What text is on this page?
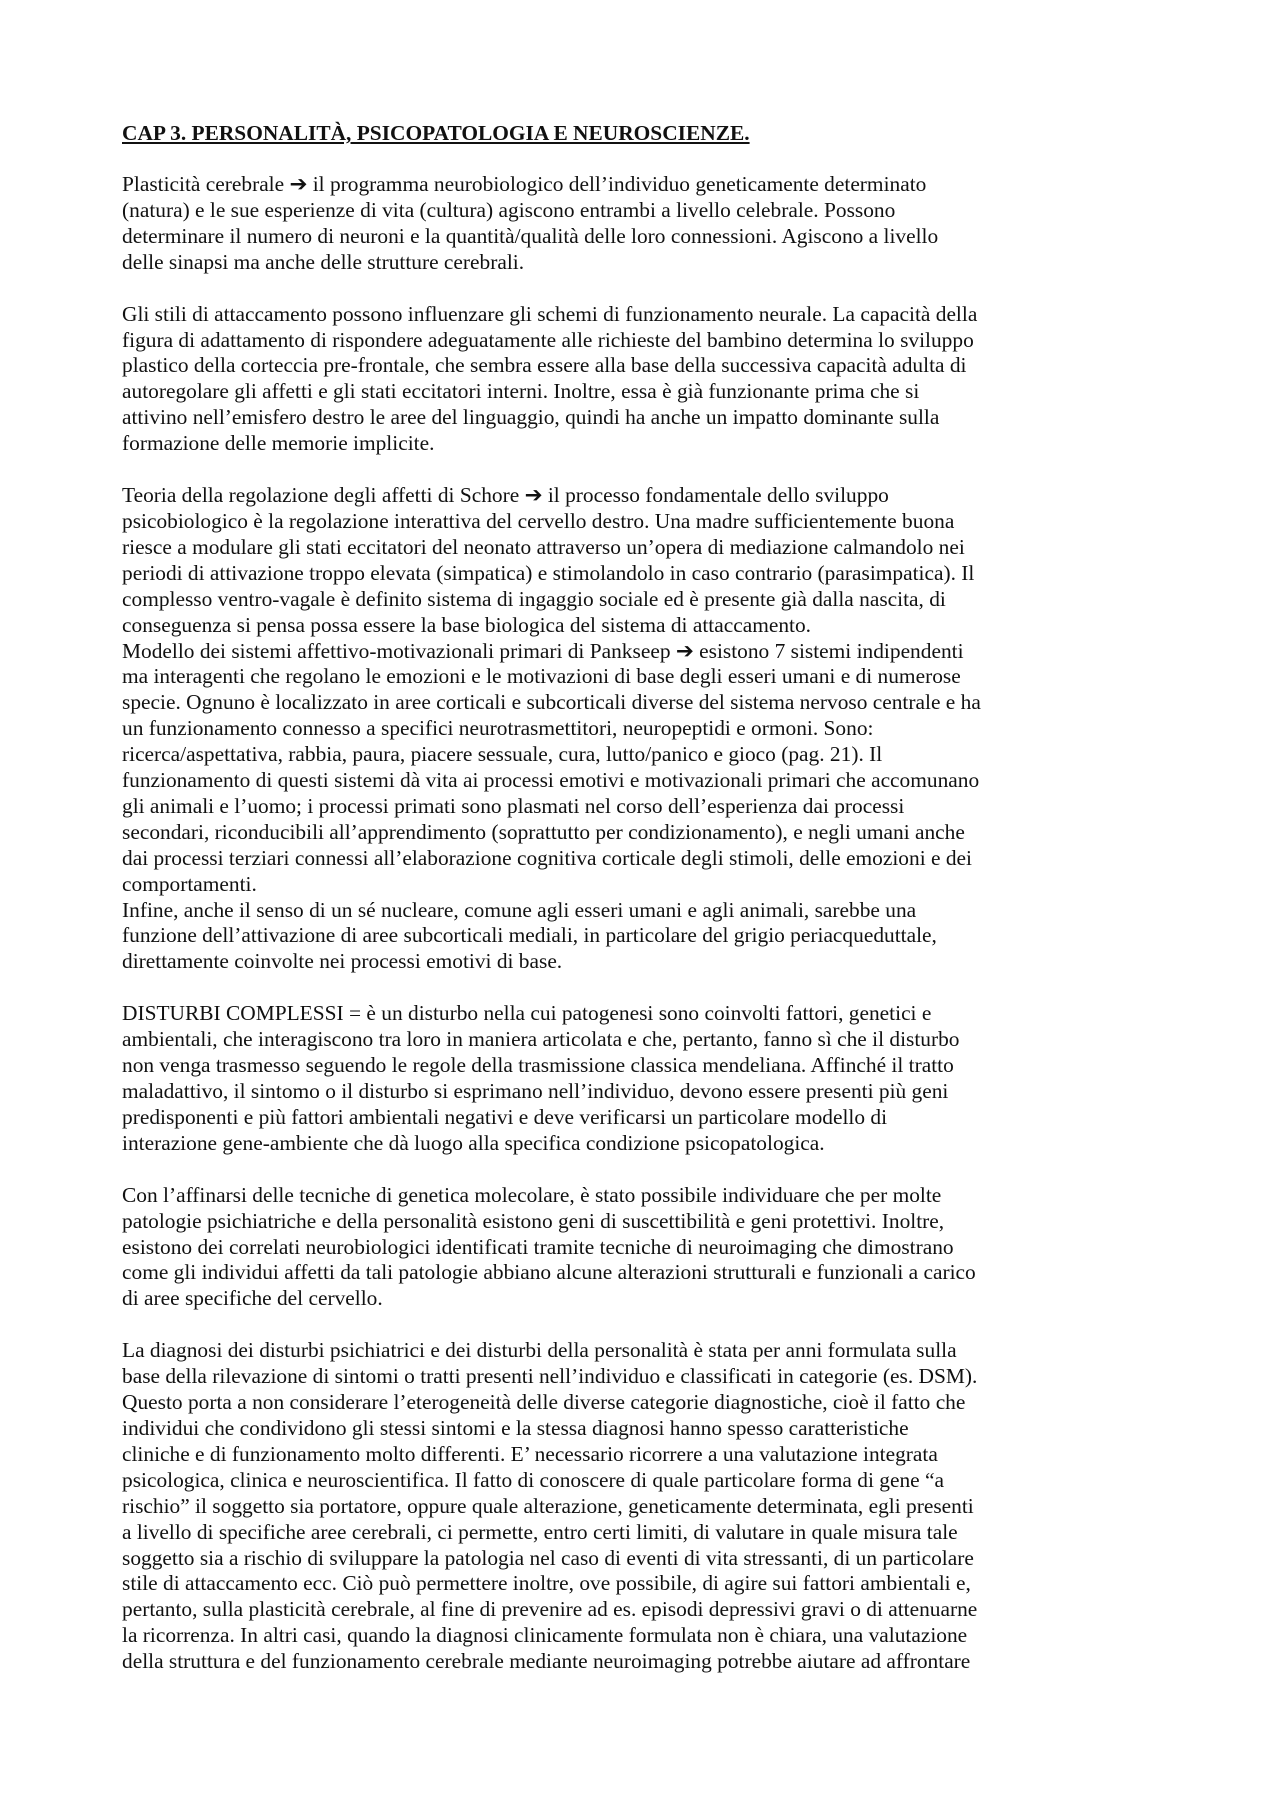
CAP 3. PERSONALITÀ, PSICOPATOLOGIA E NEUROSCIENZE.
Plasticità cerebrale ➔ il programma neurobiologico dell’individuo geneticamente determinato
(natura) e le sue esperienze di vita (cultura) agiscono entrambi a livello celebrale. Possono
determinare il numero di neuroni e la quantità/qualità delle loro connessioni. Agiscono a livello
delle sinapsi ma anche delle strutture cerebrali.
Gli stili di attaccamento possono influenzare gli schemi di funzionamento neurale. La capacità della
figura di adattamento di rispondere adeguatamente alle richieste del bambino determina lo sviluppo
plastico della corteccia pre-frontale, che sembra essere alla base della successiva capacità adulta di
autoregolare gli affetti e gli stati eccitatori interni. Inoltre, essa è già funzionante prima che si
attivino nell’emisfero destro le aree del linguaggio, quindi ha anche un impatto dominante sulla
formazione delle memorie implicite.
Teoria della regolazione degli affetti di Schore ➔ il processo fondamentale dello sviluppo
psicobiologico è la regolazione interattiva del cervello destro. Una madre sufficientemente buona
riesce a modulare gli stati eccitatori del neonato attraverso un’opera di mediazione calmandolo nei
periodi di attivazione troppo elevata (simpatica) e stimolandolo in caso contrario (parasimpatica). Il
complesso ventro-vagale è definito sistema di ingaggio sociale ed è presente già dalla nascita, di
conseguenza si pensa possa essere la base biologica del sistema di attaccamento.
Modello dei sistemi affettivo-motivazionali primari di Pankseep ➔ esistono 7 sistemi indipendenti
ma interagenti che regolano le emozioni e le motivazioni di base degli esseri umani e di numerose
specie. Ognuno è localizzato in aree corticali e subcorticali diverse del sistema nervoso centrale e ha
un funzionamento connesso a specifici neurotrasmettitori, neuropeptidi e ormoni. Sono:
ricerca/aspettativa, rabbia, paura, piacere sessuale, cura, lutto/panico e gioco (pag. 21). Il
funzionamento di questi sistemi dà vita ai processi emotivi e motivazionali primari che accomunano
gli animali e l’uomo; i processi primati sono plasmati nel corso dell’esperienza dai processi
secondari, riconducibili all’apprendimento (soprattutto per condizionamento), e negli umani anche
dai processi terziari connessi all’elaborazione cognitiva corticale degli stimoli, delle emozioni e dei
comportamenti.
Infine, anche il senso di un sé nucleare, comune agli esseri umani e agli animali, sarebbe una
funzione dell’attivazione di aree subcorticali mediali, in particolare del grigio periacqueduttale,
direttamente coinvolte nei processi emotivi di base.
DISTURBI COMPLESSI = è un disturbo nella cui patogenesi sono coinvolti fattori, genetici e
ambientali, che interagiscono tra loro in maniera articolata e che, pertanto, fanno sì che il disturbo
non venga trasmesso seguendo le regole della trasmissione classica mendeliana. Affinché il tratto
maladattivo, il sintomo o il disturbo si esprimano nell’individuo, devono essere presenti più geni
predisponenti e più fattori ambientali negativi e deve verificarsi un particolare modello di
interazione gene-ambiente che dà luogo alla specifica condizione psicopatologica.
Con l’affinarsi delle tecniche di genetica molecolare, è stato possibile individuare che per molte
patologie psichiatriche e della personalità esistono geni di suscettibilità e geni protettivi. Inoltre,
esistono dei correlati neurobiologici identificati tramite tecniche di neuroimaging che dimostrano
come gli individui affetti da tali patologie abbiano alcune alterazioni strutturali e funzionali a carico
di aree specifiche del cervello.
La diagnosi dei disturbi psichiatrici e dei disturbi della personalità è stata per anni formulata sulla
base della rilevazione di sintomi o tratti presenti nell’individuo e classificati in categorie (es. DSM).
Questo porta a non considerare l’eterogeneità delle diverse categorie diagnostiche, cioè il fatto che
individui che condividono gli stessi sintomi e la stessa diagnosi hanno spesso caratteristiche
cliniche e di funzionamento molto differenti. E’ necessario ricorrere a una valutazione integrata
psicologica, clinica e neuroscientifica. Il fatto di conoscere di quale particolare forma di gene “a
rischio” il soggetto sia portatore, oppure quale alterazione, geneticamente determinata, egli presenti
a livello di specifiche aree cerebrali, ci permette, entro certi limiti, di valutare in quale misura tale
soggetto sia a rischio di sviluppare la patologia nel caso di eventi di vita stressanti, di un particolare
stile di attaccamento ecc. Ciò può permettere inoltre, ove possibile, di agire sui fattori ambientali e,
pertanto, sulla plasticità cerebrale, al fine di prevenire ad es. episodi depressivi gravi o di attenuarne
la ricorrenza. In altri casi, quando la diagnosi clinicamente formulata non è chiara, una valutazione
della struttura e del funzionamento cerebrale mediante neuroimaging potrebbe aiutare ad affrontare
